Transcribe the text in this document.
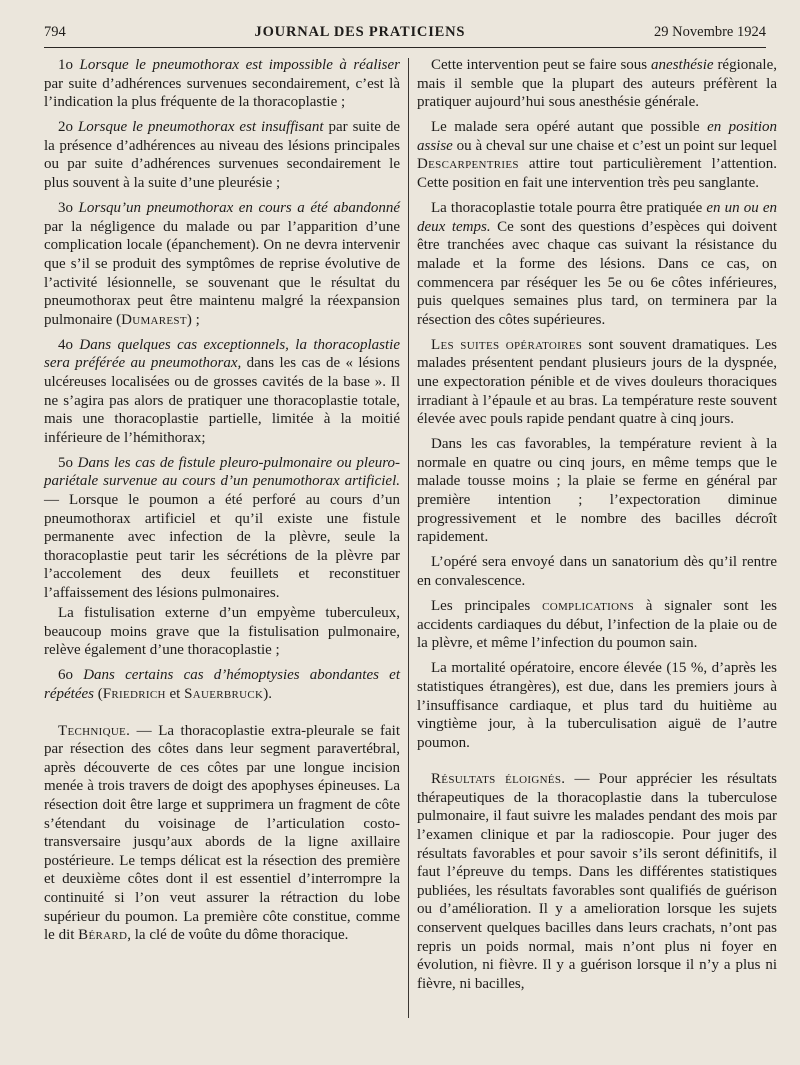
794	JOURNAL DES PRATICIENS	29 Novembre 1924

1o Lorsque le pneumothorax est impossible à réaliser par suite d’adhérences survenues secondairement, c’est là l’indication la plus fréquente de la thoracoplastie ;

2o Lorsque le pneumothorax est insuffisant par suite de la présence d’adhérences au niveau des lésions principales ou par suite d’adhérences survenues secondairement le plus souvent à la suite d’une pleurésie ;

3o Lorsqu’un pneumothorax en cours a été abandonné par la négligence du malade ou par l’apparition d’une complication locale (épanchement). On ne devra intervenir que s’il se produit des symptômes de reprise évolutive de l’activité lésionnelle, se souvenant que le résultat du pneumothorax peut être maintenu malgré la réexpansion pulmonaire (Dumarest) ;

4o Dans quelques cas exceptionnels, la thoracoplastie sera préférée au pneumothorax, dans les cas de « lésions ulcéreuses localisées ou de grosses cavités de la base ». Il ne s’agira pas alors de pratiquer une thoracoplastie totale, mais une thoracoplastie partielle, limitée à la moitié inférieure de l’hémithorax;

5o Dans les cas de fistule pleuro-pulmonaire ou pleuro-pariétale survenue au cours d’un penumothorax artificiel. — Lorsque le poumon a été perforé au cours d’un pneumothorax artificiel et qu’il existe une fistule permanente avec infection de la plèvre, seule la thoracoplastie peut tarir les sécrétions de la plèvre par l’accolement des deux feuillets et reconstituer l’affaissement des lésions pulmonaires.

La fistulisation externe d’un empyème tuberculeux, beaucoup moins grave que la fistulisation pulmonaire, relève également d’une thoracoplastie ;

6o Dans certains cas d’hémoptysies abondantes et répétées (Friedrich et Sauerbruck).

Technique. — La thoracoplastie extra-pleurale se fait par résection des côtes dans leur segment paravertébral, après découverte de ces côtes par une longue incision menée à trois travers de doigt des apophyses épineuses. La résection doit être large et supprimera un fragment de côte s’étendant du voisinage de l’articulation costo-transversaire jusqu’aux abords de la ligne axillaire postérieure. Le temps délicat est la résection des première et deuxième côtes dont il est essentiel d’interrompre la continuité si l’on veut assurer la rétraction du lobe supérieur du poumon. La première côte constitue, comme le dit Bérard, la clé de voûte du dôme thoracique.

Cette intervention peut se faire sous anesthésie régionale, mais il semble que la plupart des auteurs préfèrent la pratiquer aujourd’hui sous anesthésie générale.

Le malade sera opéré autant que possible en position assise ou à cheval sur une chaise et c’est un point sur lequel Descarpentries attire tout particulièrement l’attention. Cette position en fait une intervention très peu sanglante.

La thoracoplastie totale pourra être pratiquée en un ou en deux temps. Ce sont des questions d’espèces qui doivent être tranchées avec chaque cas suivant la résistance du malade et la forme des lésions. Dans ce cas, on commencera par réséquer les 5e ou 6e côtes inférieures, puis quelques semaines plus tard, on terminera par la résection des côtes supérieures.

Les suites opératoires sont souvent dramatiques. Les malades présentent pendant plusieurs jours de la dyspnée, une expectoration pénible et de vives douleurs thoraciques irradiant à l’épaule et au bras. La température reste souvent élevée avec pouls rapide pendant quatre à cinq jours.

Dans les cas favorables, la température revient à la normale en quatre ou cinq jours, en même temps que le malade tousse moins ; la plaie se ferme en général par première intention ; l’expectoration diminue progressivement et le nombre des bacilles décroît rapidement.

L’opéré sera envoyé dans un sanatorium dès qu’il rentre en convalescence.

Les principales complications à signaler sont les accidents cardiaques du début, l’infection de la plaie ou de la plèvre, et même l’infection du poumon sain.

La mortalité opératoire, encore élevée (15 %, d’après les statistiques étrangères), est due, dans les premiers jours à l’insuffisance cardiaque, et plus tard du huitième au vingtième jour, à la tuberculisation aiguë de l’autre poumon.

Résultats éloignés. — Pour apprécier les résultats thérapeutiques de la thoracoplastie dans la tuberculose pulmonaire, il faut suivre les malades pendant des mois par l’examen clinique et par la radioscopie. Pour juger des résultats favorables et pour savoir s’ils seront définitifs, il faut l’épreuve du temps. Dans les différentes statistiques publiées, les résultats favorables sont qualifiés de guérison ou d’amélioration. Il y a amelioration lorsque les sujets conservent quelques bacilles dans leurs crachats, n’ont pas repris un poids normal, mais n’ont plus ni foyer en évolution, ni fièvre. Il y a guérison lorsque il n’y a plus ni fièvre, ni bacilles,
